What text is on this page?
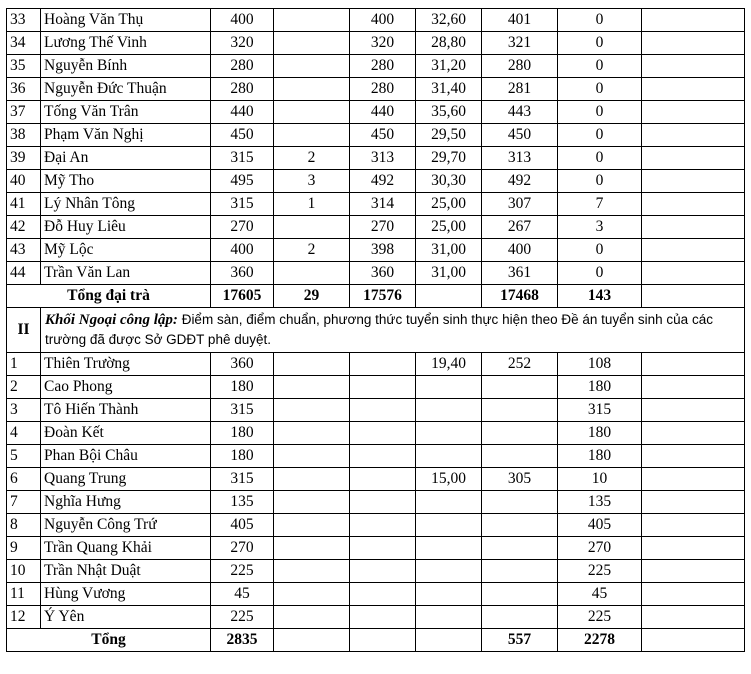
33	Hoàng Văn Thụ	400		400	32,60	401	0	
34	Lương Thế Vinh	320		320	28,80	321	0	
35	Nguyễn Bính	280		280	31,20	280	0	
36	Nguyễn Đức Thuận	280		280	31,40	281	0	
37	Tống Văn Trân	440		440	35,60	443	0	
38	Phạm Văn Nghị	450		450	29,50	450	0	
39	Đại An	315	2	313	29,70	313	0	
40	Mỹ Tho	495	3	492	30,30	492	0	
41	Lý Nhân Tông	315	1	314	25,00	307	7	
42	Đỗ Huy Liêu	270		270	25,00	267	3	
43	Mỹ Lộc	400	2	398	31,00	400	0	
44	Trần Văn Lan	360		360	31,00	361	0	
Tổng đại trà		17605	29	17576		17468	143	
II	Khối Ngoại công lập: Điểm sàn, điểm chuẩn, phương thức tuyển sinh thực hiện theo Đề án tuyển sinh của các trường đã được Sở GDĐT phê duyệt.							
1	Thiên Trường	360			19,40	252	108	
2	Cao Phong	180					180	
3	Tô Hiến Thành	315					315	
4	Đoàn Kết	180					180	
5	Phan Bội Châu	180					180	
6	Quang Trung	315			15,00	305	10	
7	Nghĩa Hưng	135					135	
8	Nguyễn Công Trứ	405					405	
9	Trần Quang Khải	270					270	
10	Trần Nhật Duật	225					225	
11	Hùng Vương	45					45	
12	Ý Yên	225					225	
Tổng		2835				557	2278	
